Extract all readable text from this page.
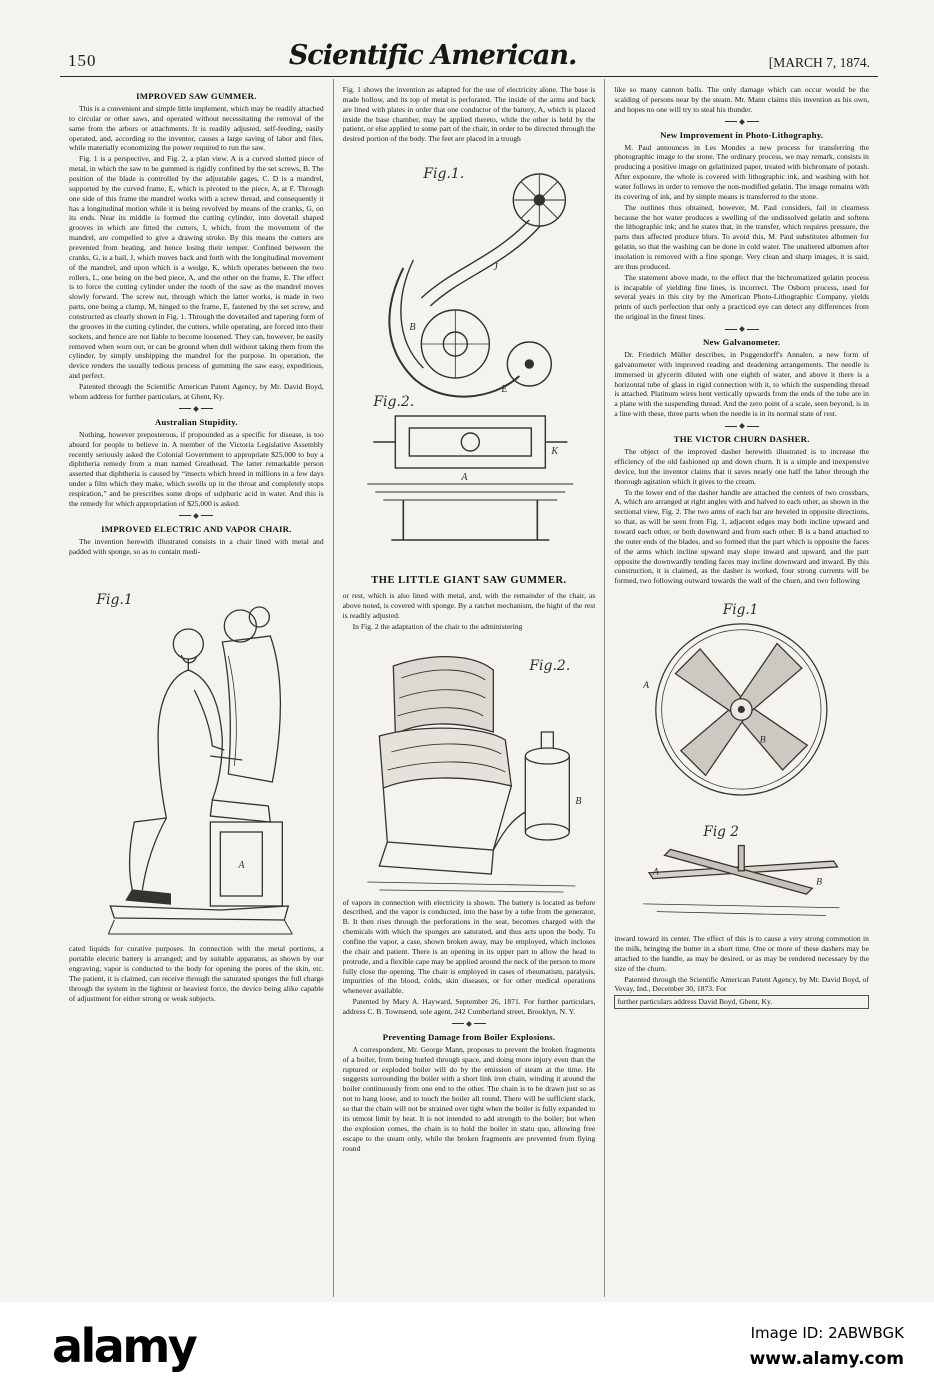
150	Scientific American.	[MARCH 7, 1874.
IMPROVED SAW GUMMER.

This is a convenient and simple little implement, which may be readily attached to circular or other saws, and operated without necessitating the removal of the same from the arbors or attachments. It is readily adjusted, self-feeding, easily operated, and, according to the inventor, causes a large saving of labor and files, while materially economizing the power required to run the saw.

Fig. 1 is a perspective, and Fig. 2, a plan view. A is a curved slotted piece of metal, in which the saw to be gummed is rigidly confined by the set screws, B. The position of the blade is controlled by the adjustable gages, C. D is a mandrel, supported by the curved frame, E, which is pivoted to the piece, A, at F. Through one side of this frame the mandrel works with a screw thread, and consequently it has a longitudinal motion while it is being revolved by means of the cranks, G, on its ends. Near its middle is formed the cutting cylinder, into dovetail shaped grooves in which are fitted the cutters, I, which, from the movement of the mandrel, are compelled to give a drawing stroke. By this means the cutters are prevented from heating, and hence losing their temper. Confined between the cranks, G, is a bail, J, which moves back and forth with the longitudinal movement of the mandrel, and upon which is a wedge, K, which operates between the two rollers, L, one being on the bed piece, A, and the other on the frame, E. The effect is to force the cutting cylinder under the tooth of the saw as the mandrel moves slowly forward. The screw nut, through which the latter works, is made in two parts, one being a clamp, M, hinged to the frame, E, fastened by the set screw, and constructed as clearly shown in Fig. 1. Through the dovetailed and tapering form of the grooves in the cutting cylinder, the cutters, while operating, are forced into their sockets, and hence are not liable to become loosened. They can, however, be easily removed when worn out, or can be ground when dull without taking them from the cylinder, by simply unshipping the mandrel for the purpose. In operation, the device renders the usually tedious process of gumming the saw easy, expeditious, and perfect.

Patented through the Scientific American Patent Agency, by Mr. David Boyd, whom address for further particulars, at Ghent, Ky.

Australian Stupidity.

Nothing, however preposterous, if propounded as a specific for disease, is too absurd for people to believe in. A member of the Victoria Legislative Assembly recently seriously asked the Colonial Government to appropriate $25,000 to buy a diphtheria remedy from a man named Greathead. The latter remarkable person asserted that diphtheria is caused by “insects which breed in millions in a few days under a film which they make, which swells up in the throat and completely stops respiration,” and he prescribes some drops of sulphuric acid in water. And this is the remedy for which appropriation of $25,000 is asked.

IMPROVED ELECTRIC AND VAPOR CHAIR.

The invention herewith illustrated consists in a chair lined with metal and padded with sponge, so as to contain medi-

Fig.1
A

cated liquids for curative purposes. In connection with the metal portions, a portable electric battery is arranged; and by suitable apparatus, as shown by our engraving, vapor is conducted to the body for opening the pores of the skin, etc. The patient, it is claimed, can receive through the saturated sponges the full charge through the system in the lightest or heaviest force, the device being alike capable of adjustment for either strong or weak subjects.

Fig. 1 shows the invention as adapted for the use of electricity alone. The base is made hollow, and its top of metal is perforated. The inside of the arms and back are lined with plates in order that one conductor of the battery, A, which is placed inside the base chamber, may be applied thereto, while the other is held by the patient, or else applied to some part of the chair, in order to be directed through the desired portion of the body. The feet are placed in a trough

Fig.1.
Fig.2.
J
B
E
A
K
THE LITTLE GIANT SAW GUMMER.

or rest, which is also lined with metal, and, with the remainder of the chair, as above noted, is covered with sponge. By a ratchet mechanism, the hight of the rest is readily adjusted.

In Fig. 2 the adaptation of the chair to the administering

Fig.2.
B

of vapors in connection with electricity is shown. The battery is located as before described, and the vapor is conducted, into the base by a tube from the generator, B. It then rises through the perforations in the seat, becomes charged with the chemicals with which the sponges are saturated, and thus acts upon the body. To confine the vapor, a case, shown broken away, may be employed, which incloses the chair and patient. There is an opening in its upper part to allow the head to protrude, and a flexible cape may be applied around the neck of the person to more fully close the opening. The chair is employed in cases of rheumatism, paralysis, impurities of the blood, colds, skin diseases, or for other medical operations whenever available.

Patented by Mary A. Hayward, September 26, 1871. For further particulars, address C. B. Townsend, sole agent, 242 Cumberland street, Brooklyn, N. Y.

Preventing Damage from Boiler Explosions.

A correspondent, Mr. George Mann, proposes to prevent the broken fragments of a boiler, from being hurled through space, and doing more injury even than the ruptured or exploded boiler will do by the emission of steam at the time. He suggests surrounding the boiler with a short link iron chain, winding it around the boiler continuously from one end to the other. The chain is to be drawn just so as not to hang loose, and to touch the boiler all round. There will be sufficient slack, so that the chain will not be strained over tight when the boiler is fully expanded to its utmost limit by heat. It is not intended to add strength to the boiler; but when the explosion comes, the chain is to hold the boiler in statu quo, allowing free escape to the steam only, while the broken fragments are prevented from flying round

like so many cannon balls. The only damage which can occur would be the scalding of persons near by the steam. Mr. Mann claims this invention as his own, and hopes no one will try to steal his thunder.

New Improvement in Photo-Lithography.

M. Paul announces in Les Mondes a new process for transferring the photographic image to the stone. The ordinary process, we may remark, consists in producing a positive image on gelatinized paper, treated with bichromate of potash. After exposure, the whole is covered with lithographic ink, and washing with hot water follows in order to remove the non-modified gelatin. The image remains with its covering of ink, and by simple means is transferred to the stone.

The outlines thus obtained, however, M. Paul considers, fail in clearness because the hot water produces a swelling of the undissolved gelatin and softens the lithographic ink; and he states that, in the transfer, which requires pressure, the parts thus affected produce blurs. To avoid this, M. Paul substitutes albumen for gelatin, so that the washing can be done in cold water. The unaltered albumen after insolation is removed with a fine sponge. Very clean and sharp images, it is said, are thus produced.

The statement above made, to the effect that the bichromatized gelatin process is incapable of yielding fine lines, is incorrect. The Osborn process, used for several years in this city by the American Photo-Lithographic Company, yields prints of such perfection that only a practiced eye can detect any differences from the original in the finest lines.

New Galvanometer.

Dr. Friedrich Müller describes, in Poggendorff's Annalen, a new form of galvanometer with improved reading and deadening arrangements. The needle is immersed in glycerin diluted with one eighth of water, and above it there is a horizontal tube of glass in rigid connection with it, to which the suspending thread is attached. Platinum wires bent vertically upwards from the ends of the tube are in a plane with the suspending thread. And the zero point of a scale, seen beyond, is in a line with these, three parts when the needle is in its normal state of rest.

THE VICTOR CHURN DASHER.

The object of the improved dasher herewith illustrated is to increase the efficiency of the old fashioned up and down churn. It is a simple and inexpensive device, but the inventor claims that it saves nearly one half the labor through the thorough agitation which it gives to the cream.

To the lower end of the dasher handle are attached the centers of two crossbars, A, which are arranged at right angles with and halved to each other, as shown in the sectional view, Fig. 2. The two arms of each bar are beveled in opposite directions, so that, as will be seen from Fig. 1, adjacent edges may both incline upward and toward each other, or both downward and from each other. B is a band attached to the outer ends of the blades, and so formed that the part which is opposite the faces of the arms which incline upward may slope inward and upward, and the part opposite the downwardly tending faces may incline downward and inward. By this construction, it is claimed, as the dasher is worked, four strong currents will be formed, two following outward towards the wall of the churn, and two following

Fig.1
Fig 2
A
B
A
B

inward toward its center. The effect of this is to cause a very strong commotion in the milk, bringing the butter in a short time. One or more of these dashers may be attached to the handle, as may be desired, or as may be rendered necessary by the size of the churn.

Patented through the Scientific American Patent Agency, by Mr. David Boyd, of Vevay, Ind., December 30, 1873. For

further particulars address David Boyd, Ghent, Ky.

alamy	Image ID: 2ABWBGK
www.alamy.com
